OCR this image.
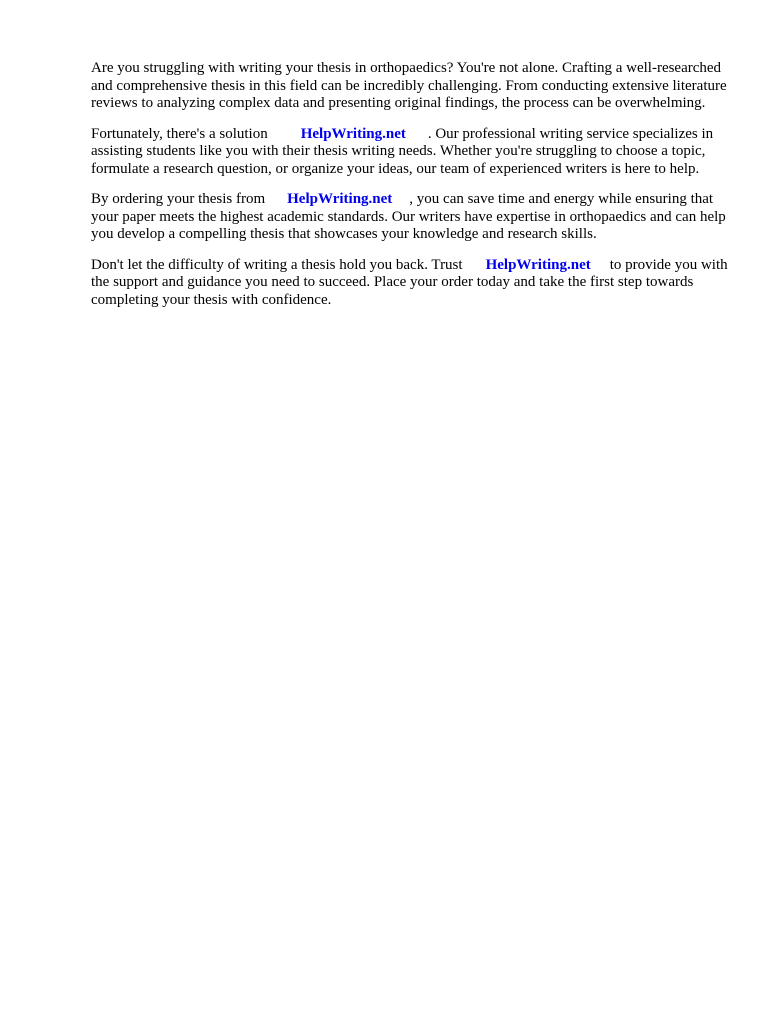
Are you struggling with writing your thesis in orthopaedics? You're not alone. Crafting a well-researched and comprehensive thesis in this field can be incredibly challenging. From conducting extensive literature reviews to analyzing complex data and presenting original findings, the process can be overwhelming.

Fortunately, there's a solution HelpWriting.net . Our professional writing service specializes in assisting students like you with their thesis writing needs. Whether you're struggling to choose a topic, formulate a research question, or organize your ideas, our team of experienced writers is here to help.

By ordering your thesis from HelpWriting.net , you can save time and energy while ensuring that your paper meets the highest academic standards. Our writers have expertise in orthopaedics and can help you develop a compelling thesis that showcases your knowledge and research skills.

Don't let the difficulty of writing a thesis hold you back. Trust HelpWriting.net to provide you with the support and guidance you need to succeed. Place your order today and take the first step towards completing your thesis with confidence.
